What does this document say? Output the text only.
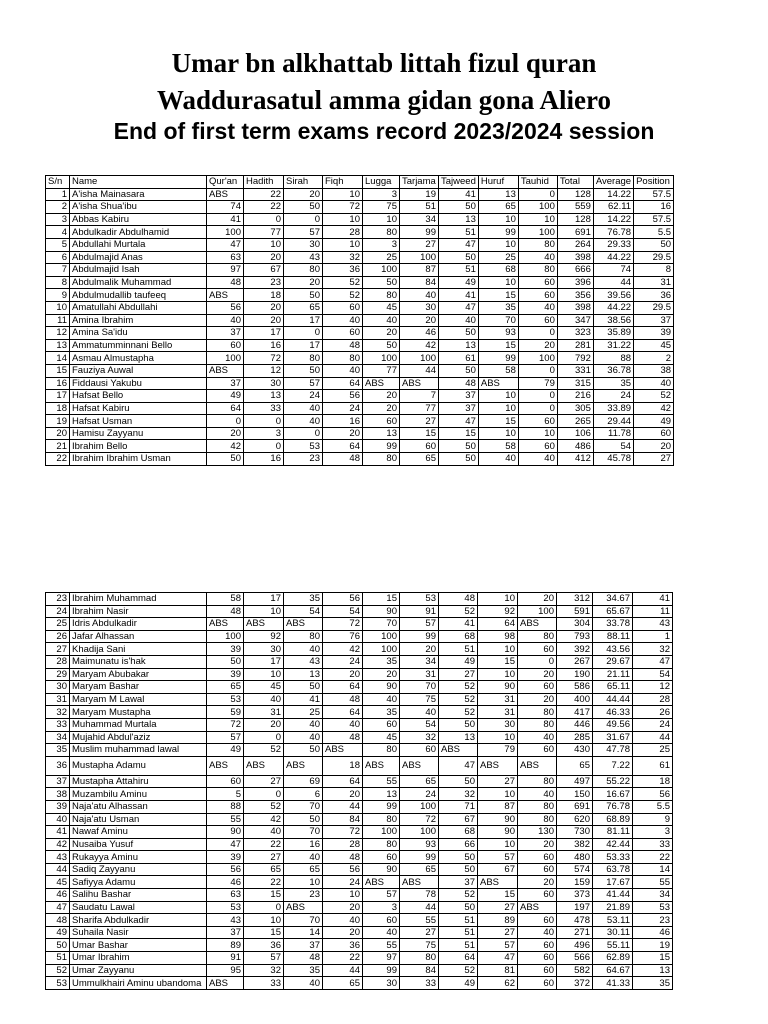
Umar bn alkhattab littah fizul quran
Waddurasatul amma gidan gona Aliero
End of first term exams record 2023/2024 session
S/n	Name	Qur'an	Hadith	Sirah	Fiqh	Lugga	Tarjama	Tajweed	Huruf	Tauhid	Total	Average	Position
1	A'isha Mainasara	ABS	22	20	10	3	19	41	13	0	128	14.22	57.5
2	A'isha Shua'ibu	74	22	50	72	75	51	50	65	100	559	62.11	16
3	Abbas Kabiru	41	0	0	10	10	34	13	10	10	128	14.22	57.5
4	Abdulkadir Abdulhamid	100	77	57	28	80	99	51	99	100	691	76.78	5.5
5	Abdullahi Murtala	47	10	30	10	3	27	47	10	80	264	29.33	50
6	Abdulmajid Anas	63	20	43	32	25	100	50	25	40	398	44.22	29.5
7	Abdulmajid Isah	97	67	80	36	100	87	51	68	80	666	74	8
8	Abdulmalik Muhammad	48	23	20	52	50	84	49	10	60	396	44	31
9	Abdulmudallib taufeeq	ABS	18	50	52	80	40	41	15	60	356	39.56	36
10	Amatullahi Abdullahi	56	20	65	60	45	30	47	35	40	398	44.22	29.5
11	Amina Ibrahim	40	20	17	40	40	20	40	70	60	347	38.56	37
12	Amina Sa'idu	37	17	0	60	20	46	50	93	0	323	35.89	39
13	Ammatumminnani Bello	60	16	17	48	50	42	13	15	20	281	31.22	45
14	Asmau Almustapha	100	72	80	80	100	100	61	99	100	792	88	2
15	Fauziya Auwal	ABS	12	50	40	77	44	50	58	0	331	36.78	38
16	Fiddausi Yakubu	37	30	57	64	ABS	ABS	48	ABS	79	315	35	40
17	Hafsat Bello	49	13	24	56	20	7	37	10	0	216	24	52
18	Hafsat Kabiru	64	33	40	24	20	77	37	10	0	305	33.89	42
19	Hafsat Usman	0	0	40	16	60	27	47	15	60	265	29.44	49
20	Hamisu Zayyanu	20	3	0	20	13	15	15	10	10	106	11.78	60
21	Ibrahim Bello	42	0	53	64	99	60	50	58	60	486	54	20
22	Ibrahim Ibrahim Usman	50	16	23	48	80	65	50	40	40	412	45.78	27
23	Ibrahim Muhammad	58	17	35	56	15	53	48	10	20	312	34.67	41
24	Ibrahim Nasir	48	10	54	54	90	91	52	92	100	591	65.67	11
25	Idris Abdulkadir	ABS	ABS	ABS	72	70	57	41	64	ABS	304	33.78	43
26	Jafar Alhassan	100	92	80	76	100	99	68	98	80	793	88.11	1
27	Khadija Sani	39	30	40	42	100	20	51	10	60	392	43.56	32
28	Maimunatu is'hak	50	17	43	24	35	34	49	15	0	267	29.67	47
29	Maryam Abubakar	39	10	13	20	20	31	27	10	20	190	21.11	54
30	Maryam Bashar	65	45	50	64	90	70	52	90	60	586	65.11	12
31	Maryam M Lawal	53	40	41	48	40	75	52	31	20	400	44.44	28
32	Maryam Mustapha	59	31	25	64	35	40	52	31	80	417	46.33	26
33	Muhammad Murtala	72	20	40	40	60	54	50	30	80	446	49.56	24
34	Mujahid Abdul'aziz	57	0	40	48	45	32	13	10	40	285	31.67	44
35	Muslim muhammad lawal	49	52	50	ABS	80	60	ABS	79	60	430	47.78	25
36	Mustapha Adamu	ABS	ABS	ABS	18	ABS	ABS	47	ABS	ABS	65	7.22	61
37	Mustapha Attahiru	60	27	69	64	55	65	50	27	80	497	55.22	18
38	Muzambilu Aminu	5	0	6	20	13	24	32	10	40	150	16.67	56
39	Naja'atu Alhassan	88	52	70	44	99	100	71	87	80	691	76.78	5.5
40	Naja'atu Usman	55	42	50	84	80	72	67	90	80	620	68.89	9
41	Nawaf Aminu	90	40	70	72	100	100	68	90	130	730	81.11	3
42	Nusaiba Yusuf	47	22	16	28	80	93	66	10	20	382	42.44	33
43	Rukayya Aminu	39	27	40	48	60	99	50	57	60	480	53.33	22
44	Sadiq Zayyanu	56	65	65	56	90	65	50	67	60	574	63.78	14
45	Safiyya Adamu	46	22	10	24	ABS	ABS	37	ABS	20	159	17.67	55
46	Salihu Bashar	63	15	23	10	57	78	52	15	60	373	41.44	34
47	Saudatu Lawal	53	0	ABS	20	3	44	50	27	ABS	197	21.89	53
48	Sharifa Abdulkadir	43	10	70	40	60	55	51	89	60	478	53.11	23
49	Suhaila Nasir	37	15	14	20	40	27	51	27	40	271	30.11	46
50	Umar Bashar	89	36	37	36	55	75	51	57	60	496	55.11	19
51	Umar Ibrahim	91	57	48	22	97	80	64	47	60	566	62.89	15
52	Umar Zayyanu	95	32	35	44	99	84	52	81	60	582	64.67	13
53	Ummulkhairi Aminu ubandoma	ABS	33	40	65	30	33	49	62	60	372	41.33	35
